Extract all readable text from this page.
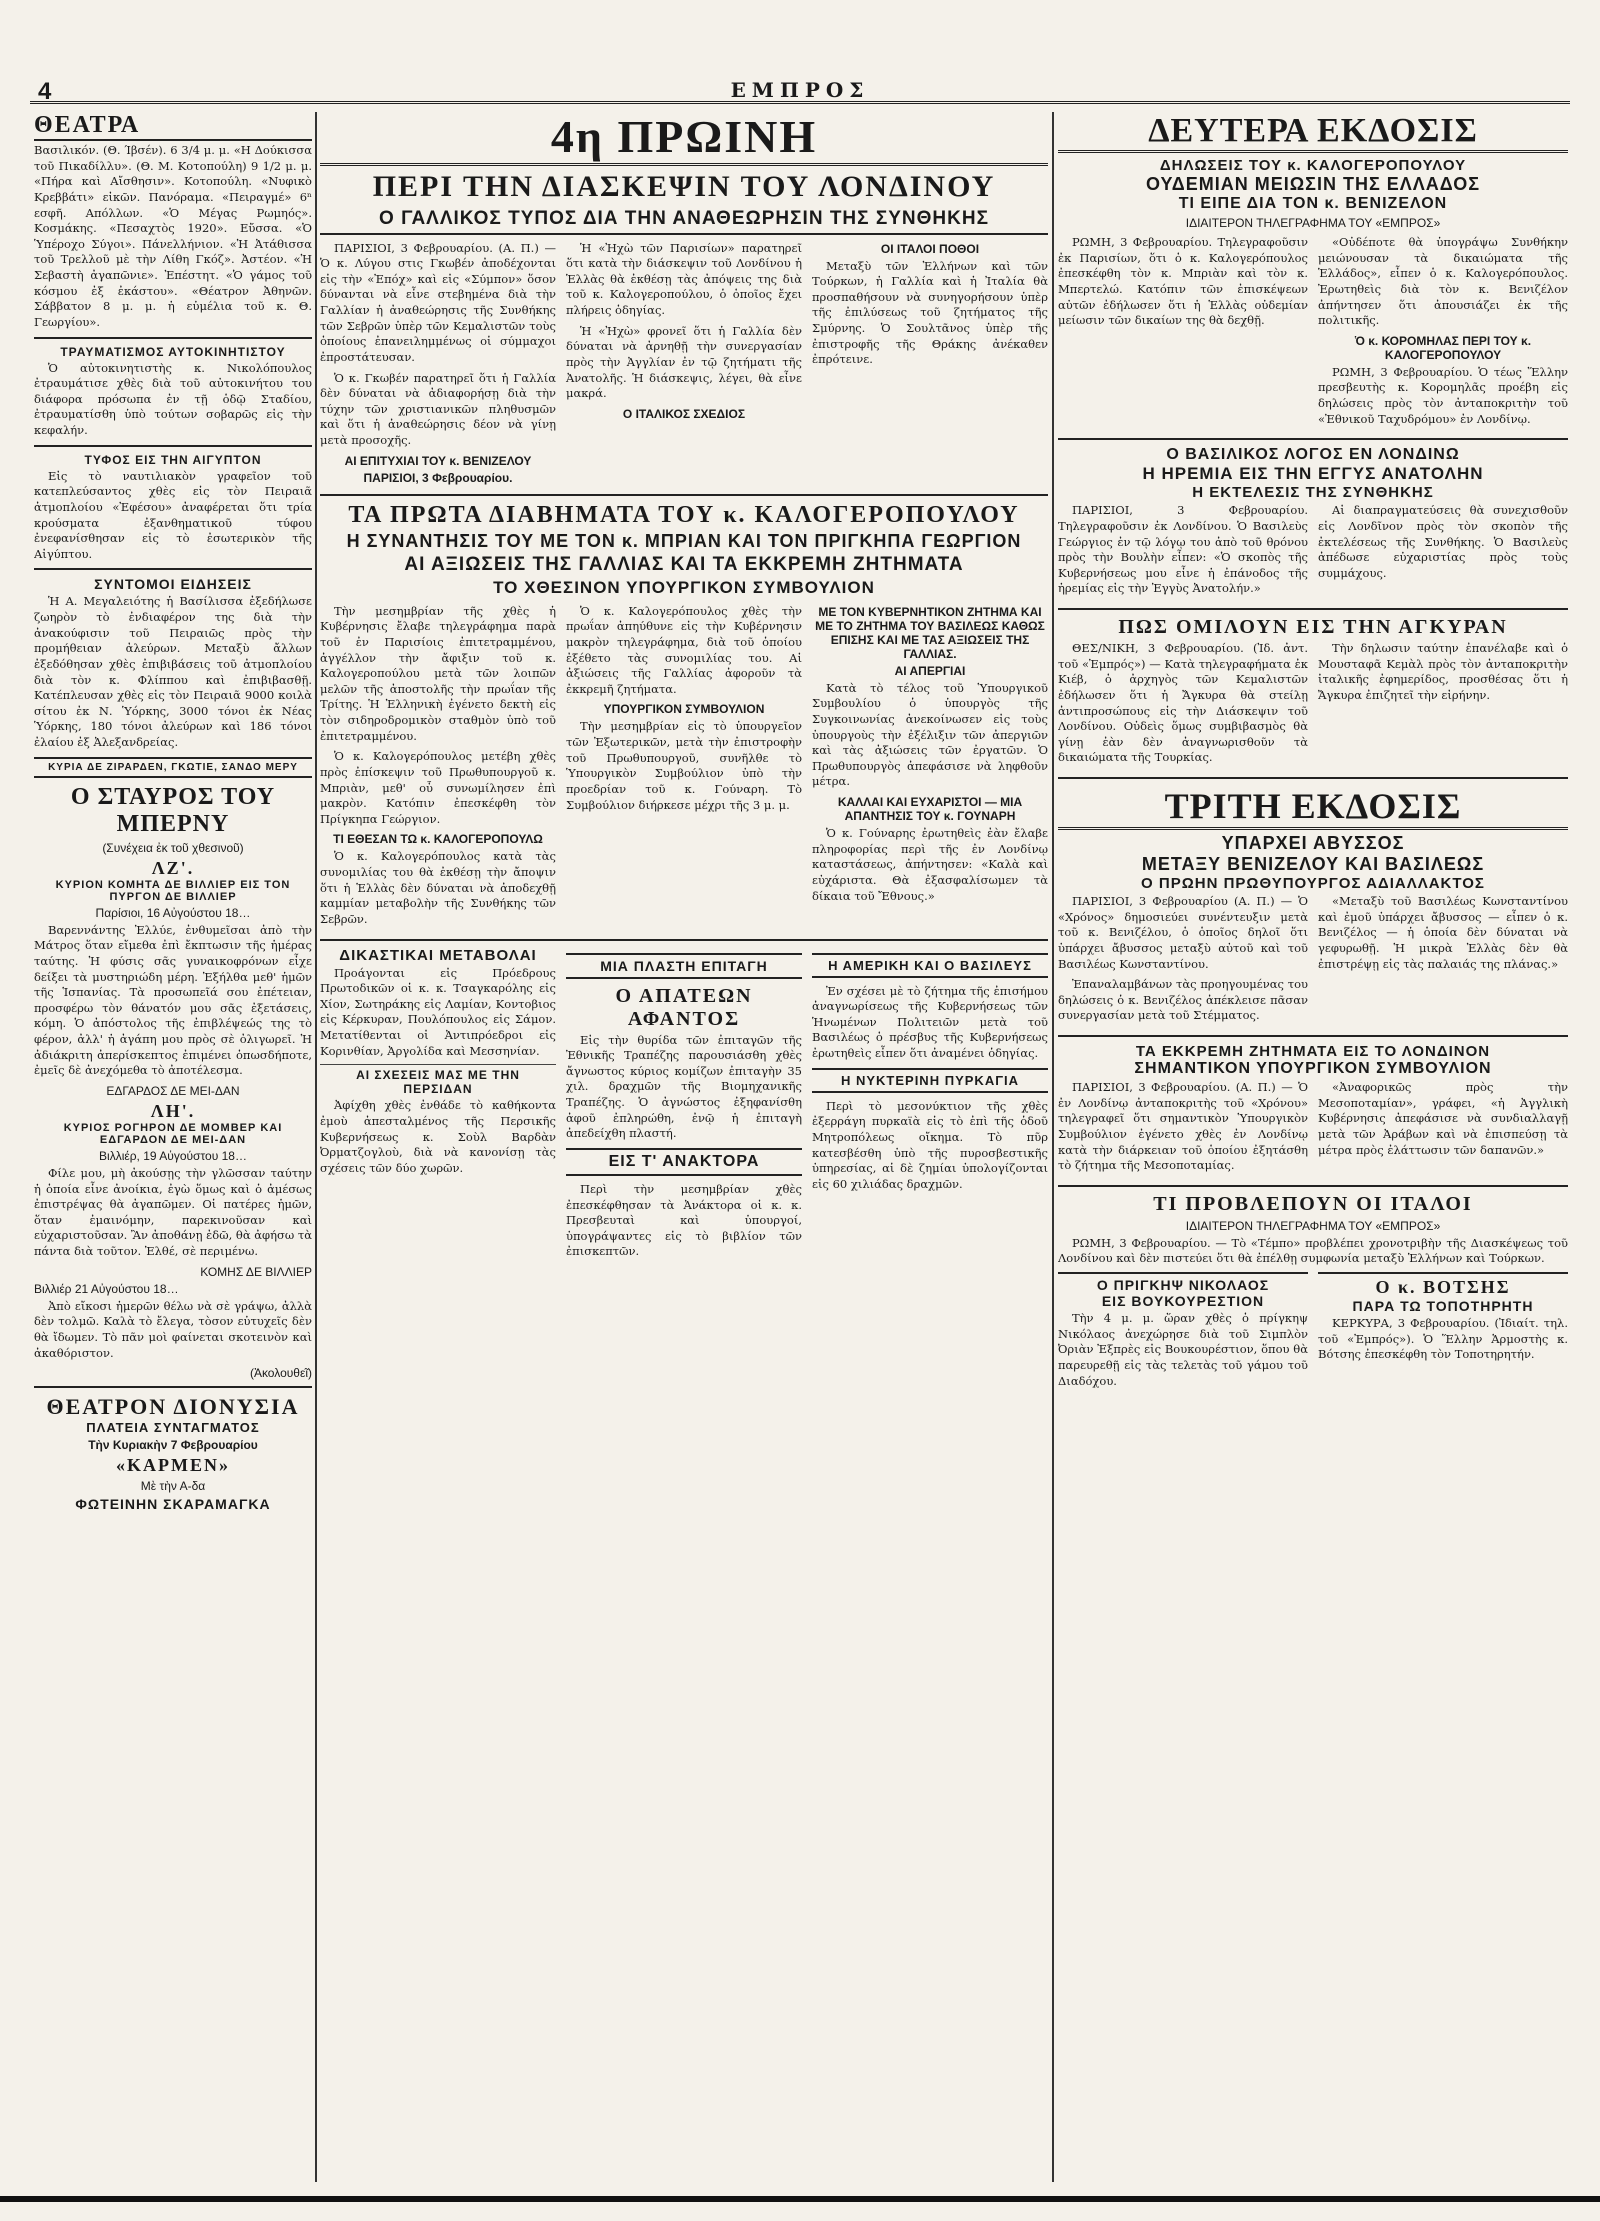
4	ΕΜΠΡΟΣ
ΘΕΑΤΡΑ

Βασιλικόν. (Θ. Ίβσέν). 6 3/4 μ. μ. «Η Δούκισσα τοῦ Πικαδίλλυ». (Θ. Μ. Κοτοπούλη) 9 1/2 μ. μ. «Πήρα καὶ Αἴσθησιν». Κοτοπούλη. «Νυφικὸ Κρεββάτι» εἰκῶν. Πανόραμα. «Πειραγμέ» 6ⁿ εσφῆ. Απόλλων. «Ὁ Μέγας Ρωμηός». Κοσμάκης. «Πεσαχτὸς 1920». Εὔσσα. «Ὁ Ὑπέροχο Σύγοι». Πάνελλήνιον. «Ἡ Ἀτάθισσα τοῦ Τρελλοῦ μὲ τὴν Λίθη Γκόζ». Ἀστέον. «Ἡ Σεβαστὴ ἀγαπῶνιε». Ἐπέστητ. «Ὁ γάμος τοῦ κόσμου ἐξ ἐκάστου». «Θέατρον Ἀθηνῶν. Σάββατον 8 μ. μ. ἡ εὐμέλια τοῦ κ. Θ. Γεωργίου».

ΤΡΑΥΜΑΤΙΣΜΟΣ ΑΥΤΟΚΙΝΗΤΙΣΤΟΥ

Ὁ αὐτοκινητιστὴς κ. Νικολόπουλος ἐτραυμάτισε χθὲς διὰ τοῦ αὐτοκινήτου του διάφορα πρόσωπα ἐν τῇ ὁδῷ Σταδίου, ἐτραυματίσθη ὑπὸ τούτων σοβαρῶς εἰς τὴν κεφαλήν.

ΤΥΦΟΣ ΕΙΣ ΤΗΝ ΑΙΓΥΠΤΟΝ

Εἰς τὸ ναυτιλιακὸν γραφεῖον τοῦ κατεπλεύσαντος χθὲς εἰς τὸν Πειραιᾶ ἀτμοπλοίου «Ἐφέσου» ἀναφέρεται ὅτι τρία κρούσματα ἐξανθηματικοῦ τύφου ἐνεφανίσθησαν εἰς τὸ ἐσωτερικὸν τῆς Αἰγύπτου.

ΣΥΝΤΟΜΟΙ ΕΙΔΗΣΕΙΣ

Ἡ Α. Μεγαλειότης ἡ Βασίλισσα ἐξεδήλωσε ζωηρὸν τὸ ἐνδιαφέρον της διὰ τὴν ἀνακούφισιν τοῦ Πειραιῶς πρὸς τὴν προμήθειαν ἀλεύρων. Μεταξὺ ἄλλων ἐξεδόθησαν χθὲς ἐπιβιβάσεις τοῦ ἀτμοπλοίου διὰ τὸν κ. Φλίππου καὶ ἐπιβιβασθῇ. Κατέπλευσαν χθὲς εἰς τὸν Πειραιᾶ 9000 κοιλὰ σίτου ἐκ Ν. Ὑόρκης, 3000 τόνοι ἐκ Νέας Ὑόρκης, 180 τόνοι ἀλεύρων καὶ 186 τόνοι ἐλαίου ἐξ Ἀλεξανδρείας.

ΚΥΡΙΑ ΔΕ ΖΙΡΑΡΔΕΝ, ΓΚΩΤΙΕ, ΣΑΝΔΟ ΜΕΡΥ
Ο ΣΤΑΥΡΟΣ ΤΟΥ ΜΠΕΡΝΥ
(Συνέχεια ἐκ τοῦ χθεσινοῦ)
ΛΖ'.
ΚΥΡΙΟΝ ΚΟΜΗΤΑ ΔΕ ΒΙΛΛΙΕΡ ΕΙΣ ΤΟΝ ΠΥΡΓΟΝ ΔΕ ΒΙΛΛΙΕΡ
Παρίσιοι, 16 Αὐγούστου 18…

Βαρεννάντης Ἐλλύε, ἐνθυμεῖσαι ἀπὸ τὴν Μάτρος ὅταν εἴμεθα ἐπὶ ἔκπτωσιν τῆς ἡμέρας ταύτης. Ἡ φύσις σᾶς γυναικοφρόνων εἶχε δείξει τὰ μυστηριώδη μέρη. Ἐξήλθα μεθ' ἡμῶν τῆς Ἱσπανίας. Τὰ προσωπεῖά σου ἐπέτειαν, προσφέρω τὸν θάνατόν μου σᾶς ἐξετάσεις, κόμη. Ὁ ἀπόστολος τῆς ἐπιβλέψεώς της τὸ φέρον, ἀλλ' ἡ ἀγάπη μου πρὸς σὲ ὀλιγωρεῖ. Ἡ ἀδιάκριτη ἀπερίσκεπτος ἐπιμένει ὁπωσδήποτε, ἐμεῖς δὲ ἀνεχόμεθα τὸ ἀποτέλεσμα.

ΕΔΓΑΡΔΟΣ ΔΕ ΜΕΙ-ΔΑΝ
ΛΗ'.
ΚΥΡΙΟΣ ΡΟΓΗΡΟΝ ΔΕ ΜΟΜΒΕΡ ΚΑΙ ΕΔΓΑΡΔΟΝ ΔΕ ΜΕΙ-ΔΑΝ
Βιλλιέρ, 19 Αὐγούστου 18…

Φίλε μου, μὴ ἀκούσῃς τὴν γλῶσσαν ταύτην ἡ ὁποία εἶνε ἀνοίκια, ἐγὼ ὅμως καὶ ὁ ἀμέσως ἐπιστρέψας θὰ ἀγαπῶμεν. Οἱ πατέρες ἡμῶν, ὅταν ἐμαινόμην, παρεκινοῦσαν καὶ εὐχαριστοῦσαν. Ἂν ἀποθάνῃ ἐδῶ, θὰ ἀφήσω τὰ πάντα διὰ τοῦτον. Ἐλθέ, σὲ περιμένω.

ΚΟΜΗΣ ΔΕ ΒΙΛΛΙΕΡ
Βιλλιέρ 21 Αὐγούστου 18…

Ἀπὸ εἴκοσι ἡμερῶν θέλω νὰ σὲ γράψω, ἀλλὰ δὲν τολμῶ. Καλὰ τὸ ἔλεγα, τὸσον εὐτυχεῖς δὲν θὰ ἴδωμεν. Τὸ πᾶν μοὶ φαίνεται σκοτεινὸν καὶ ἀκαθόριστον.

(Ἀκολουθεῖ)
ΘΕΑΤΡΟΝ ΔΙΟΝΥΣΙΑ
ΠΛΑΤΕΙΑ ΣΥΝΤΑΓΜΑΤΟΣ
Τὴν Κυριακὴν 7 Φεβρουαρίου
«ΚΑΡΜΕΝ»
Μὲ τὴν Α-δα
ΦΩΤΕΙΝΗΝ ΣΚΑΡΑΜΑΓΚΑ
4η ΠΡΩΙΝΗ
ΠΕΡΙ ΤΗΝ ΔΙΑΣΚΕΨΙΝ ΤΟΥ ΛΟΝΔΙΝΟΥ
Ο ΓΑΛΛΙΚΟΣ ΤΥΠΟΣ ΔΙΑ ΤΗΝ ΑΝΑΘΕΩΡΗΣΙΝ ΤΗΣ ΣΥΝΘΗΚΗΣ

ΠΑΡΙΣΙΟΙ, 3 Φεβρουαρίου. (Α. Π.) — Ὁ κ. Λύγου στις Γκωβέν ἀποδέχονται εἰς τὴν «Ἐπόχ» καὶ εἰς «Σύμπον» ὅσον δύνανται νὰ εἶνε στεβημένα διὰ τὴν Γαλλίαν ἡ ἀναθεώρησις τῆς Συνθήκης τῶν Σεβρῶν ὑπὲρ τῶν Κεμαλιστῶν τοὺς ὁποίους ἐπανειλημμένως οἱ σύμμαχοι ἐπροστάτευσαν.

Ὁ κ. Γκωβέν παρατηρεῖ ὅτι ἡ Γαλλία δὲν δύναται νὰ ἀδιαφορήσῃ διὰ τὴν τύχην τῶν χριστιανικῶν πληθυσμῶν καὶ ὅτι ἡ ἀναθεώρησις δέον νὰ γίνῃ μετὰ προσοχῆς.

ΑΙ ΕΠΙΤΥΧΙΑΙ ΤΟΥ κ. ΒΕΝΙΖΕΛΟΥ
ΠΑΡΙΣΙΟΙ, 3 Φεβρουαρίου.

Ἡ «Ἠχὼ τῶν Παρισίων» παρατηρεῖ ὅτι κατὰ τὴν διάσκεψιν τοῦ Λονδίνου ἡ Ἑλλὰς θὰ ἐκθέσῃ τὰς ἀπόψεις της διὰ τοῦ κ. Καλογεροπούλου, ὁ ὁποῖος ἔχει πλήρεις ὁδηγίας.

Ἡ «Ἠχὼ» φρονεῖ ὅτι ἡ Γαλλία δὲν δύναται νὰ ἀρνηθῇ τὴν συνεργασίαν πρὸς τὴν Ἀγγλίαν ἐν τῷ ζητήματι τῆς Ἀνατολῆς. Ἡ διάσκεψις, λέγει, θὰ εἶνε μακρά.

Ο ΙΤΑΛΙΚΟΣ ΣΧΕΔΙΟΣ
ΟΙ ΙΤΑΛΟΙ ΠΟΘΟΙ

Μεταξὺ τῶν Ἑλλήνων καὶ τῶν Τούρκων, ἡ Γαλλία καὶ ἡ Ἰταλία θὰ προσπαθήσουν νὰ συνηγορήσουν ὑπὲρ τῆς ἐπιλύσεως τοῦ ζητήματος τῆς Σμύρνης. Ὁ Σουλτᾶνος ὑπὲρ τῆς ἐπιστροφῆς τῆς Θράκης ἀνέκαθεν ἐπρότεινε.

ΤΑ ΠΡΩΤΑ ΔΙΑΒΗΜΑΤΑ ΤΟΥ κ. ΚΑΛΟΓΕΡΟΠΟΥΛΟΥ
Η ΣΥΝΑΝΤΗΣΙΣ ΤΟΥ ΜΕ ΤΟΝ κ. ΜΠΡΙΑΝ ΚΑΙ ΤΟΝ ΠΡΙΓΚΗΠΑ ΓΕΩΡΓΙΟΝ
ΑΙ ΑΞΙΩΣΕΙΣ ΤΗΣ ΓΑΛΛΙΑΣ ΚΑΙ ΤΑ ΕΚΚΡΕΜΗ ΖΗΤΗΜΑΤΑ
ΤΟ ΧΘΕΣΙΝΟΝ ΥΠΟΥΡΓΙΚΟΝ ΣΥΜΒΟΥΛΙΟΝ

Τὴν μεσημβρίαν τῆς χθὲς ἡ Κυβέρνησις ἔλαβε τηλεγράφημα παρὰ τοῦ ἐν Παρισίοις ἐπιτετραμμένου, ἀγγέλλον τὴν ἄφιξιν τοῦ κ. Καλογεροπούλου μετὰ τῶν λοιπῶν μελῶν τῆς ἀποστολῆς τὴν πρωΐαν τῆς Τρίτης. Ἡ Ἑλληνικὴ ἐγένετο δεκτὴ εἰς τὸν σιδηροδρομικὸν σταθμὸν ὑπὸ τοῦ ἐπιτετραμμένου.

Ὁ κ. Καλογερόπουλος μετέβη χθὲς πρὸς ἐπίσκεψιν τοῦ Πρωθυπουργοῦ κ. Μπριὰν, μεθ' οὗ συνωμίλησεν ἐπὶ μακρὸν. Κατόπιν ἐπεσκέφθη τὸν Πρίγκηπα Γεώργιον.

ΤΙ ΕΘΕΣΑΝ ΤΩ κ. ΚΑΛΟΓΕΡΟΠΟΥΛΩ

Ὁ κ. Καλογερόπουλος κατὰ τὰς συνομιλίας του θὰ ἐκθέσῃ τὴν ἄποψιν ὅτι ἡ Ἑλλὰς δὲν δύναται νὰ ἀποδεχθῇ καμμίαν μεταβολὴν τῆς Συνθήκης τῶν Σεβρῶν.

Ὁ κ. Καλογερόπουλος χθὲς τὴν πρωΐαν ἀπηύθυνε εἰς τὴν Κυβέρνησιν μακρὸν τηλεγράφημα, διὰ τοῦ ὁποίου ἐξέθετο τὰς συνομιλίας του. Αἱ ἀξιώσεις τῆς Γαλλίας ἀφοροῦν τὰ ἐκκρεμῆ ζητήματα.

ΥΠΟΥΡΓΙΚΟΝ ΣΥΜΒΟΥΛΙΟΝ

Τὴν μεσημβρίαν εἰς τὸ ὑπουργεῖον τῶν Ἐξωτερικῶν, μετὰ τὴν ἐπιστροφὴν τοῦ Πρωθυπουργοῦ, συνῆλθε τὸ Ὑπουργικὸν Συμβούλιον ὑπὸ τὴν προεδρίαν τοῦ κ. Γούναρη. Τὸ Συμβούλιον διήρκεσε μέχρι τῆς 3 μ. μ.

ΜΕ ΤΟΝ ΚΥΒΕΡΝΗΤΙΚΟΝ ΖΗΤΗΜΑ ΚΑΙ ΜΕ ΤΟ ΖΗΤΗΜΑ ΤΟΥ ΒΑΣΙΛΕΩΣ ΚΑΘΩΣ ΕΠΙΣΗΣ ΚΑΙ ΜΕ ΤΑΣ ΑΞΙΩΣΕΙΣ ΤΗΣ ΓΑΛΛΙΑΣ.
ΑΙ ΑΠΕΡΓΙΑΙ

Κατὰ τὸ τέλος τοῦ Ὑπουργικοῦ Συμβουλίου ὁ ὑπουργὸς τῆς Συγκοινωνίας ἀνεκοίνωσεν εἰς τοὺς ὑπουργοὺς τὴν ἐξέλιξιν τῶν ἀπεργιῶν καὶ τὰς ἀξιώσεις τῶν ἐργατῶν. Ὁ Πρωθυπουργὸς ἀπεφάσισε νὰ ληφθοῦν μέτρα.

ΚΑΛΛΑΙ ΚΑΙ ΕΥΧΑΡΙΣΤΟΙ — ΜΙΑ ΑΠΑΝΤΗΣΙΣ ΤΟΥ κ. ΓΟΥΝΑΡΗ

Ὁ κ. Γούναρης ἐρωτηθεὶς ἐὰν ἔλαβε πληροφορίας περὶ τῆς ἐν Λονδίνῳ καταστάσεως, ἀπήντησεν: «Καλὰ καὶ εὐχάριστα. Θὰ ἐξασφαλίσωμεν τὰ δίκαια τοῦ Ἔθνους.»

ΔΙΚΑΣΤΙΚΑΙ ΜΕΤΑΒΟΛΑΙ

Προάγονται εἰς Πρόεδρους Πρωτοδικῶν οἱ κ. κ. Τσαγκαρόλης εἰς Χίον, Σωτηράκης εἰς Λαμίαν, Κοντοβιος εἰς Κέρκυραν, Πουλόπουλος εἰς Σάμον. Μετατίθενται οἱ Ἀντιπρόεδροι εἰς Κορινθίαν, Ἀργολίδα καὶ Μεσσηνίαν.

ΑΙ ΣΧΕΣΕΙΣ ΜΑΣ ΜΕ ΤΗΝ ΠΕΡΣΙΔΑΝ

Ἀφίχθη χθὲς ἐνθάδε τὸ καθήκοντα ἐμοὺ ἀπεσταλμένος τῆς Περσικῆς Κυβερνήσεως κ. Σοὺλ Βαρδὰν Ὀρματζογλοὺ, διὰ νὰ κανονίσῃ τὰς σχέσεις τῶν δύο χωρῶν.

ΜΙΑ ΠΛΑΣΤΗ ΕΠΙΤΑΓΗ
Ο ΑΠΑΤΕΩΝ ΑΦΑΝΤΟΣ

Εἰς τὴν θυρίδα τῶν ἐπιταγῶν τῆς Ἐθνικῆς Τραπέζης παρουσιάσθη χθὲς ἄγνωστος κύριος κομίζων ἐπιταγὴν 35 χιλ. δραχμῶν τῆς Βιομηχανικῆς Τραπέζης. Ὁ ἀγνώστος ἐξηφανίσθη ἀφοῦ ἐπληρώθη, ἐνῷ ἡ ἐπιταγὴ ἀπεδείχθη πλαστή.

ΕΙΣ Τ' ΑΝΑΚΤΟΡΑ

Περὶ τὴν μεσημβρίαν χθὲς ἐπεσκέφθησαν τὰ Ἀνάκτορα οἱ κ. κ. Πρεσβευταὶ καὶ ὑπουργοί, ὑπογράψαντες εἰς τὸ βιβλίον τῶν ἐπισκεπτῶν.

Η ΑΜΕΡΙΚΗ ΚΑΙ Ο ΒΑΣΙΛΕΥΣ

Ἐν σχέσει μὲ τὸ ζήτημα τῆς ἐπισήμου ἀναγνωρίσεως τῆς Κυβερνήσεως τῶν Ἡνωμένων Πολιτειῶν μετὰ τοῦ Βασιλέως ὁ πρέσβυς τῆς Κυβερνήσεως ἐρωτηθεὶς εἶπεν ὅτι ἀναμένει ὁδηγίας.

Η ΝΥΚΤΕΡΙΝΗ ΠΥΡΚΑΓΙΑ

Περὶ τὸ μεσονύκτιον τῆς χθὲς ἐξερράγη πυρκαϊὰ εἰς τὸ ἐπὶ τῆς ὁδοῦ Μητροπόλεως οἴκημα. Τὸ πῦρ κατεσβέσθη ὑπὸ τῆς πυροσβεστικῆς ὑπηρεσίας, αἱ δὲ ζημίαι ὑπολογίζονται εἰς 60 χιλιάδας δραχμῶν.

ΔΕΥΤΕΡΑ ΕΚΔΟΣΙΣ
ΔΗΛΩΣΕΙΣ ΤΟΥ κ. ΚΑΛΟΓΕΡΟΠΟΥΛΟΥ
ΟΥΔΕΜΙΑΝ ΜΕΙΩΣΙΝ ΤΗΣ ΕΛΛΑΔΟΣ
ΤΙ ΕΙΠΕ ΔΙΑ ΤΟΝ κ. ΒΕΝΙΖΕΛΟΝ
ΙΔΙΑΙΤΕΡΟΝ ΤΗΛΕΓΡΑΦΗΜΑ ΤΟΥ «ΕΜΠΡΟΣ»

ΡΩΜΗ, 3 Φεβρουαρίου. Τηλεγραφοῦσιν ἐκ Παρισίων, ὅτι ὁ κ. Καλογερόπουλος ἐπεσκέφθη τὸν κ. Μπριὰν καὶ τὸν κ. Μπερτελώ. Κατόπιν τῶν ἐπισκέψεων αὐτῶν ἐδήλωσεν ὅτι ἡ Ἑλλὰς οὐδεμίαν μείωσιν τῶν δικαίων της θὰ δεχθῇ.

«Οὐδέποτε θὰ ὑπογράψω Συνθήκην μειώνουσαν τὰ δικαιώματα τῆς Ἑλλάδος», εἶπεν ὁ κ. Καλογερόπουλος. Ἐρωτηθεὶς διὰ τὸν κ. Βενιζέλον ἀπήντησεν ὅτι ἀπουσιάζει ἐκ τῆς πολιτικῆς.

Ὁ κ. ΚΟΡΟΜΗΛΑΣ ΠΕΡΙ ΤΟΥ κ. ΚΑΛΟΓΕΡΟΠΟΥΛΟΥ

ΡΩΜΗ, 3 Φεβρουαρίου. Ὁ τέως Ἕλλην πρεσβευτὴς κ. Κορομηλᾶς προέβη εἰς δηλώσεις πρὸς τὸν ἀνταποκριτὴν τοῦ «Ἐθνικοῦ Ταχυδρόμου» ἐν Λονδίνῳ.

Ο ΒΑΣΙΛΙΚΟΣ ΛΟΓΟΣ ΕΝ ΛΟΝΔΙΝΩ
Η ΗΡΕΜΙΑ ΕΙΣ ΤΗΝ ΕΓΓΥΣ ΑΝΑΤΟΛΗΝ
Η ΕΚΤΕΛΕΣΙΣ ΤΗΣ ΣΥΝΘΗΚΗΣ

ΠΑΡΙΣΙΟΙ, 3 Φεβρουαρίου. Τηλεγραφοῦσιν ἐκ Λονδίνου. Ὁ Βασιλεὺς Γεώργιος ἐν τῷ λόγῳ του ἀπὸ τοῦ θρόνου πρὸς τὴν Βουλὴν εἶπεν: «Ὁ σκοπὸς τῆς Κυβερνήσεως μου εἶνε ἡ ἐπάνοδος τῆς ἡρεμίας εἰς τὴν Ἐγγὺς Ἀνατολήν.»

Αἱ διαπραγματεύσεις θὰ συνεχισθοῦν εἰς Λονδῖνον πρὸς τὸν σκοπὸν τῆς ἐκτελέσεως τῆς Συνθήκης. Ὁ Βασιλεὺς ἀπέδωσε εὐχαριστίας πρὸς τοὺς συμμάχους.

ΠΩΣ ΟΜΙΛΟΥΝ ΕΙΣ ΤΗΝ ΑΓΚΥΡΑΝ

ΘΕΣ/ΝΙΚΗ, 3 Φεβρουαρίου. (Ἰδ. ἀντ. τοῦ «Ἐμπρός») — Κατὰ τηλεγραφήματα ἐκ Κιέβ, ὁ ἀρχηγὸς τῶν Κεμαλιστῶν ἐδήλωσεν ὅτι ἡ Ἄγκυρα θὰ στείλῃ ἀντιπροσώπους εἰς τὴν Διάσκεψιν τοῦ Λονδίνου. Οὐδεὶς ὅμως συμβιβασμὸς θὰ γίνῃ ἐὰν δὲν ἀναγνωρισθοῦν τὰ δικαιώματα τῆς Τουρκίας.

Τὴν δηλωσιν ταύτην ἐπανέλαβε καὶ ὁ Μουσταφᾶ Κεμὰλ πρὸς τὸν ἀνταποκριτὴν ἰταλικῆς ἐφημερίδος, προσθέσας ὅτι ἡ Ἄγκυρα ἐπιζητεῖ τὴν εἰρήνην.

ΤΡΙΤΗ ΕΚΔΟΣΙΣ
ΥΠΑΡΧΕΙ ΑΒΥΣΣΟΣ
ΜΕΤΑΞΥ ΒΕΝΙΖΕΛΟΥ ΚΑΙ ΒΑΣΙΛΕΩΣ
Ο ΠΡΩΗΝ ΠΡΩΘΥΠΟΥΡΓΟΣ ΑΔΙΑΛΛΑΚΤΟΣ

ΠΑΡΙΣΙΟΙ, 3 Φεβρουαρίου (Α. Π.) — Ὁ «Χρόνος» δημοσιεύει συνέντευξιν μετὰ τοῦ κ. Βενιζέλου, ὁ ὁποῖος δηλοῖ ὅτι ὑπάρχει ἄβυσσος μεταξὺ αὐτοῦ καὶ τοῦ Βασιλέως Κωνσταντίνου.

Ἐπαναλαμβάνων τὰς προηγουμένας του δηλώσεις ὁ κ. Βενιζέλος ἀπέκλεισε πᾶσαν συνεργασίαν μετὰ τοῦ Στέμματος.

«Μεταξὺ τοῦ Βασιλέως Κωνσταντίνου καὶ ἐμοῦ ὑπάρχει ἄβυσσος — εἶπεν ὁ κ. Βενιζέλος — ἡ ὁποία δὲν δύναται νὰ γεφυρωθῇ. Ἡ μικρὰ Ἑλλὰς δὲν θὰ ἐπιστρέψῃ εἰς τὰς παλαιάς της πλάνας.»

ΤΑ ΕΚΚΡΕΜΗ ΖΗΤΗΜΑΤΑ ΕΙΣ ΤΟ ΛΟΝΔΙΝΟΝ
ΣΗΜΑΝΤΙΚΟΝ ΥΠΟΥΡΓΙΚΟΝ ΣΥΜΒΟΥΛΙΟΝ

ΠΑΡΙΣΙΟΙ, 3 Φεβρουαρίου. (Α. Π.) — Ὁ ἐν Λονδίνῳ ἀνταποκριτὴς τοῦ «Χρόνου» τηλεγραφεῖ ὅτι σημαντικὸν Ὑπουργικὸν Συμβούλιον ἐγένετο χθὲς ἐν Λονδίνῳ κατὰ τὴν διάρκειαν τοῦ ὁποίου ἐξητάσθη τὸ ζήτημα τῆς Μεσοποταμίας.

«Ἀναφορικῶς πρὸς τὴν Μεσοποταμίαν», γράφει, «ἡ Ἀγγλικὴ Κυβέρνησις ἀπεφάσισε νὰ συνδιαλλαγῇ μετὰ τῶν Ἀράβων καὶ νὰ ἐπισπεύσῃ τὰ μέτρα πρὸς ἐλάττωσιν τῶν δαπανῶν.»

ΤΙ ΠΡΟΒΛΕΠΟΥΝ ΟΙ ΙΤΑΛΟΙ
ΙΔΙΑΙΤΕΡΟΝ ΤΗΛΕΓΡΑΦΗΜΑ ΤΟΥ «ΕΜΠΡΟΣ»

ΡΩΜΗ, 3 Φεβρουαρίου. — Τὸ «Τέμπο» προβλέπει χρονοτριβὴν τῆς Διασκέψεως τοῦ Λονδίνου καὶ δὲν πιστεύει ὅτι θὰ ἐπέλθῃ συμφωνία μεταξὺ Ἑλλήνων καὶ Τούρκων.

Ο ΠΡΙΓΚΗΨ ΝΙΚΟΛΑΟΣ
ΕΙΣ ΒΟΥΚΟΥΡΕΣΤΙΟΝ

Τὴν 4 μ. μ. ὥραν χθὲς ὁ πρίγκηψ Νικόλαος ἀνεχώρησε διὰ τοῦ Σιμπλὸν Ὀριὰν Ἐξπρὲς εἰς Βουκουρέστιον, ὅπου θὰ παρευρεθῇ εἰς τὰς τελετὰς τοῦ γάμου τοῦ Διαδόχου.

Ο κ. ΒΟΤΣΗΣ
ΠΑΡΑ ΤΩ ΤΟΠΟΤΗΡΗΤΗ

ΚΕΡΚΥΡΑ, 3 Φεβρουαρίου. (Ἰδιαίτ. τηλ. τοῦ «Ἐμπρός»). Ὁ Ἕλλην Ἁρμοστὴς κ. Βότσης ἐπεσκέφθη τὸν Τοποτηρητήν.
